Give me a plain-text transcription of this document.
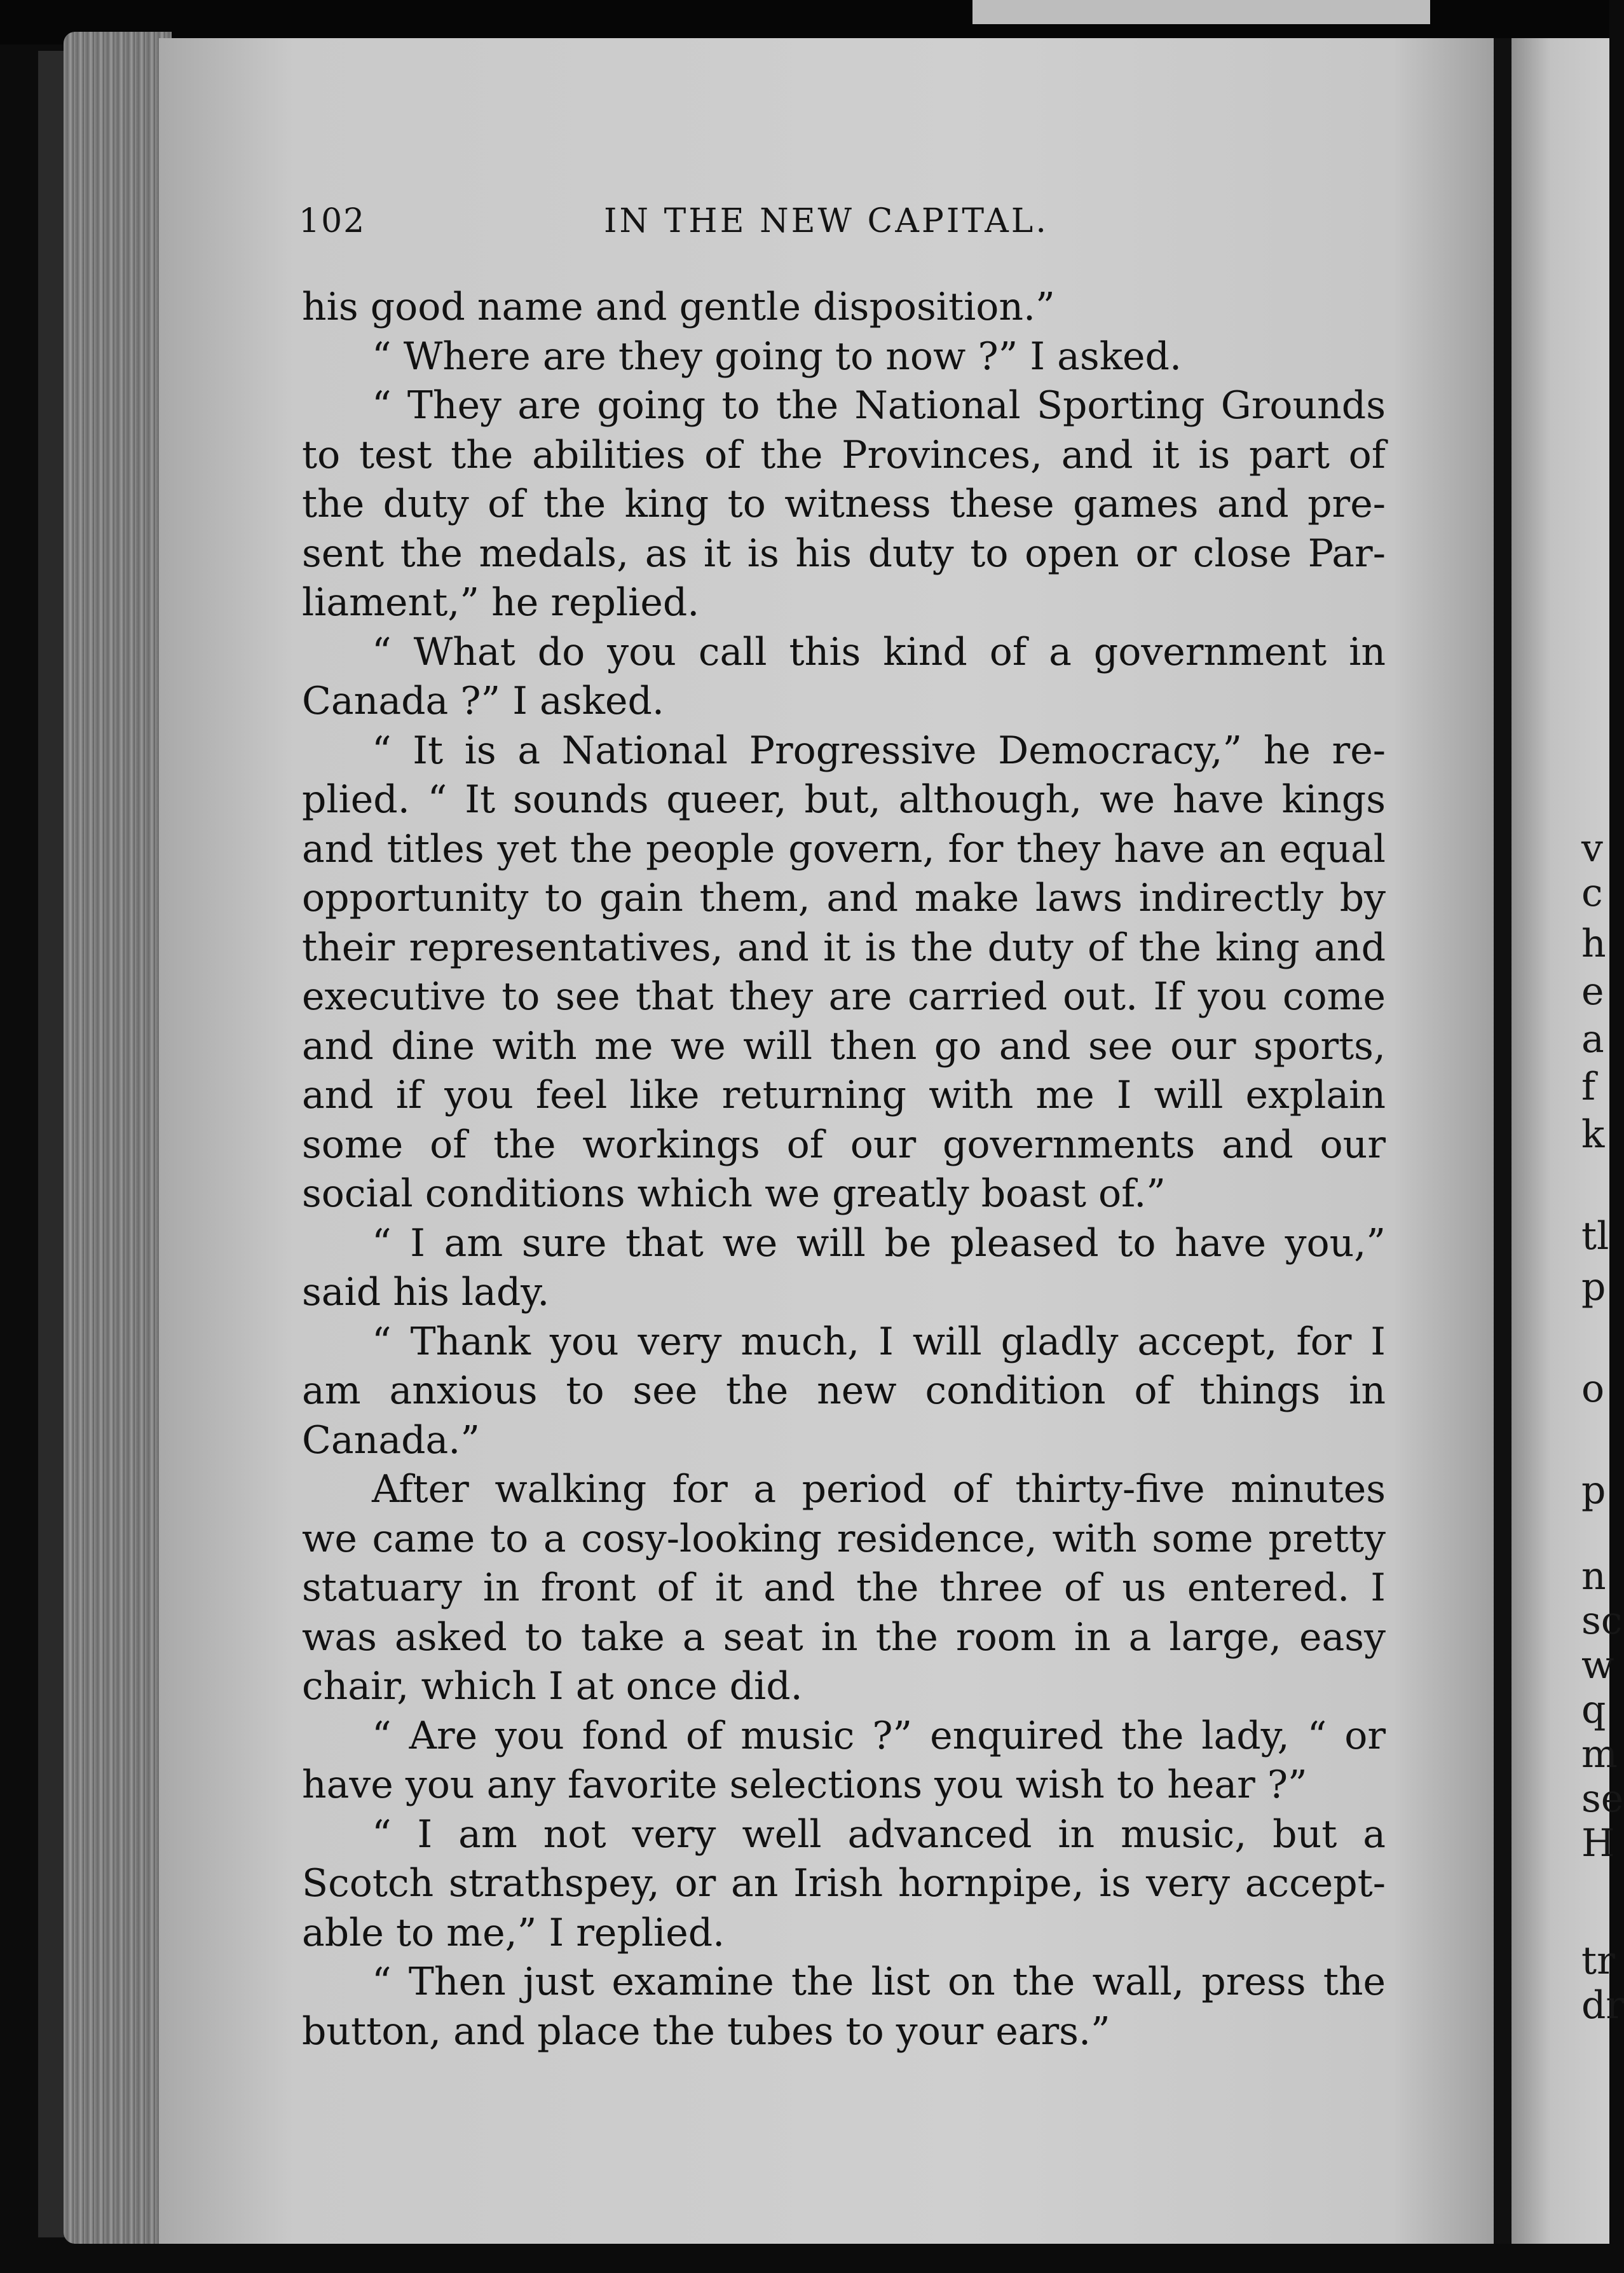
v
c
h
e
a
f
k
tl
p
o
p
n
sc
w
q
m
se
H
tr
dr
102	IN THE NEW CAPITAL.
his good name and gentle disposition.”
“ Where are they going to now ?” I asked.
“ They are going to the National Sporting Grounds
to test the abilities of the Provinces, and it is part of
the duty of the king to witness these games and pre-
sent the medals, as it is his duty to open or close Par-
liament,” he replied.
“ What do you call this kind of a government in
Canada ?” I asked.
“ It is a National Progressive Democracy,” he re-
plied. “ It sounds queer, but, although, we have kings
and titles yet the people govern, for they have an equal
opportunity to gain them, and make laws indirectly by
their representatives, and it is the duty of the king and
executive to see that they are carried out. If you come
and dine with me we will then go and see our sports,
and if you feel like returning with me I will explain
some of the workings of our governments and our
social conditions which we greatly boast of.”
“ I am sure that we will be pleased to have you,”
said his lady.
“ Thank you very much, I will gladly accept, for I
am anxious to see the new condition of things in
Canada.”
After walking for a period of thirty-five minutes
we came to a cosy-looking residence, with some pretty
statuary in front of it and the three of us entered. I
was asked to take a seat in the room in a large, easy
chair, which I at once did.
“ Are you fond of music ?” enquired the lady, “ or
have you any favorite selections you wish to hear ?”
“ I am not very well advanced in music, but a
Scotch strathspey, or an Irish hornpipe, is very accept-
able to me,” I replied.
“ Then just examine the list on the wall, press the
button, and place the tubes to your ears.”
